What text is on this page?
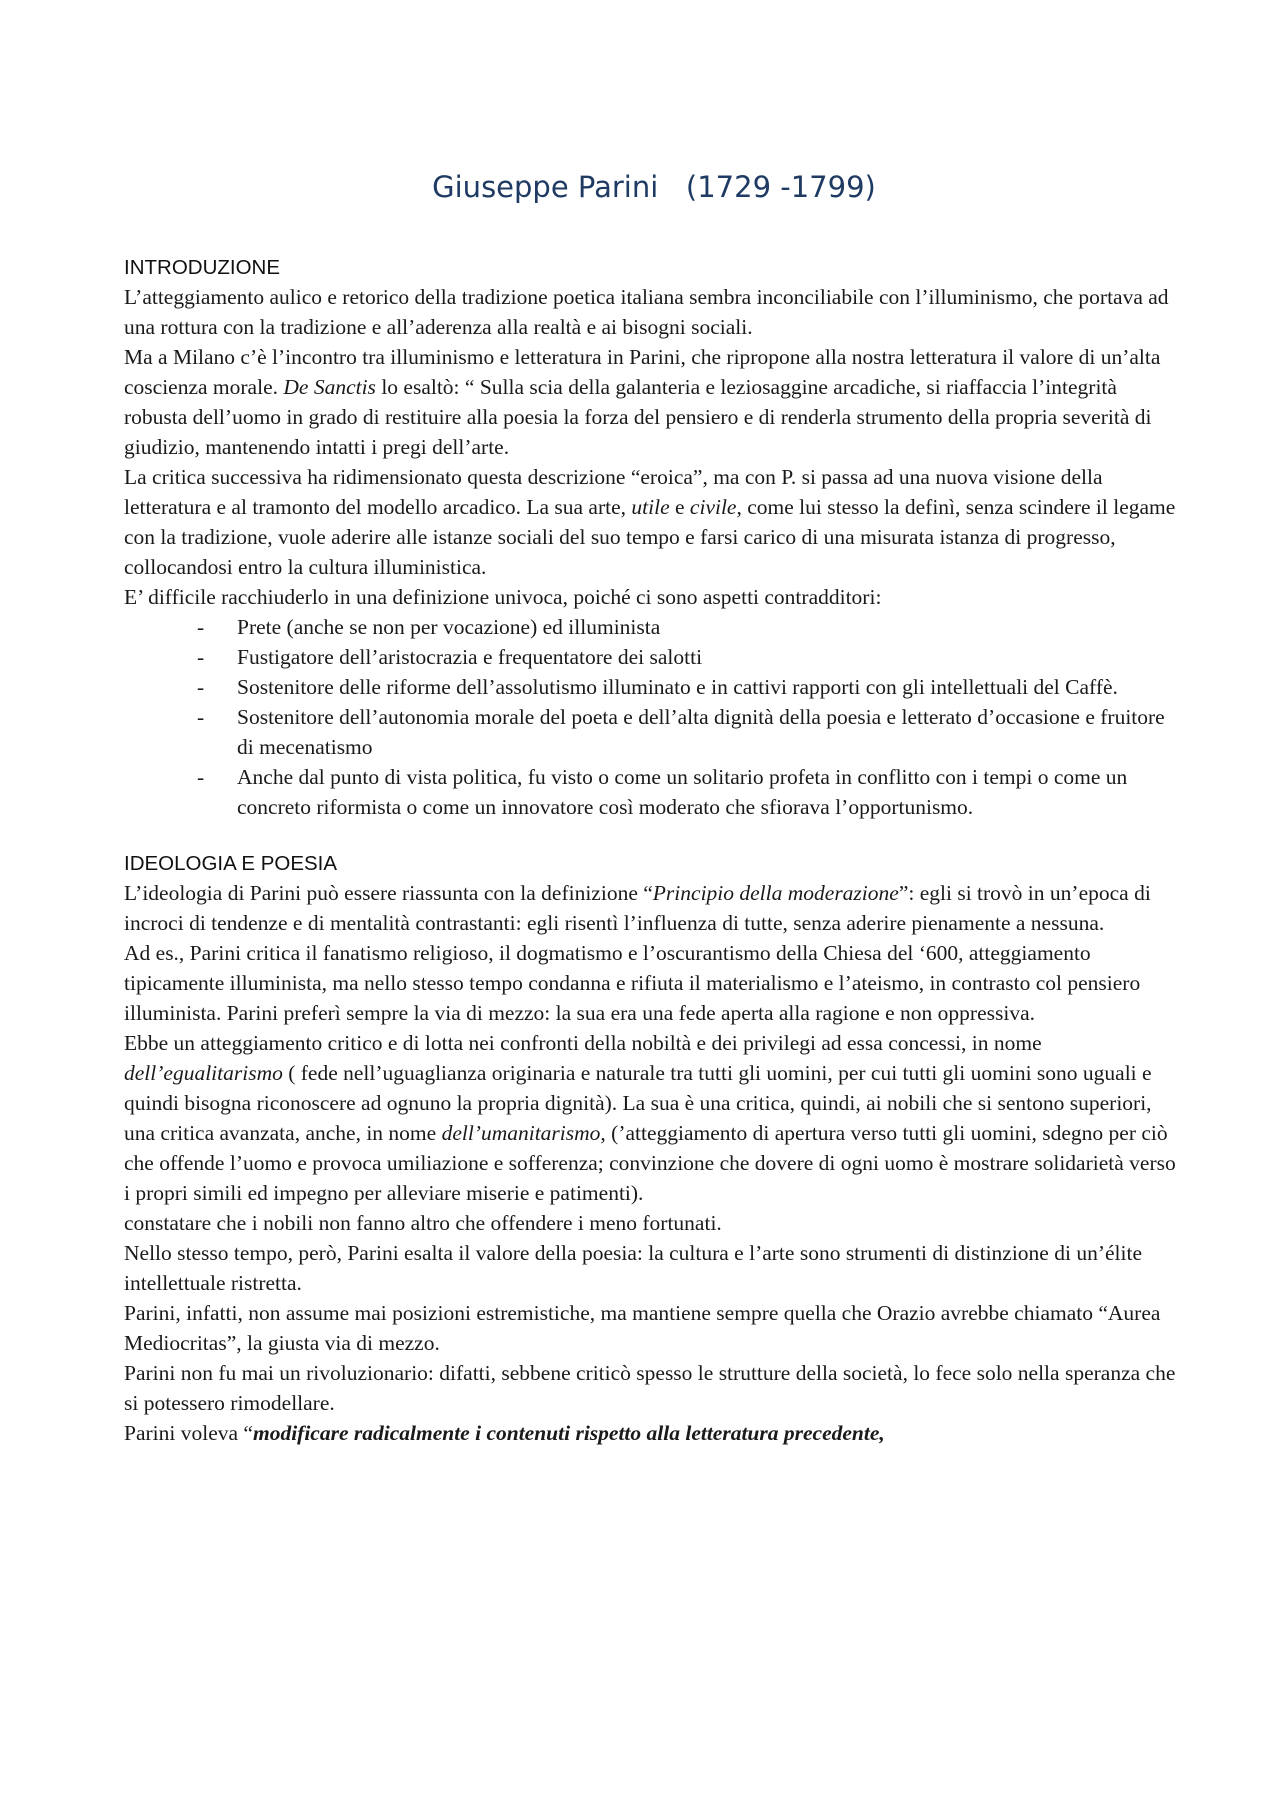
Giuseppe Parini   (1729 -1799)
INTRODUZIONE

L’atteggiamento aulico e retorico della tradizione poetica italiana sembra inconciliabile con l’illuminismo, che portava ad una rottura con la tradizione e all’aderenza alla realtà e ai bisogni sociali.

Ma a Milano c’è l’incontro tra illuminismo e letteratura in Parini, che ripropone alla nostra letteratura il valore di un’alta coscienza morale. De Sanctis lo esaltò: “ Sulla scia della galanteria e leziosaggine arcadiche, si riaffaccia l’integrità robusta dell’uomo in grado di restituire alla poesia la forza del pensiero e di renderla strumento della propria severità di giudizio, mantenendo intatti i pregi dell’arte.

La critica successiva ha ridimensionato questa descrizione “eroica”, ma con P. si passa ad una nuova visione della letteratura e al tramonto del modello arcadico. La sua arte, utile e civile, come lui stesso la definì, senza scindere il legame con la tradizione, vuole aderire alle istanze sociali del suo tempo e farsi carico di una misurata istanza di progresso, collocandosi entro la cultura illuministica.

E’ difficile racchiuderlo in una definizione univoca, poiché ci sono aspetti contradditori:

- Prete (anche se non per vocazione) ed illuminista
- Fustigatore dell’aristocrazia e frequentatore dei salotti
- Sostenitore delle riforme dell’assolutismo illuminato e in cattivi rapporti con gli intellettuali del Caffè.
- Sostenitore dell’autonomia morale del poeta e dell’alta dignità della poesia e letterato d’occasione e fruitore di mecenatismo
- Anche dal punto di vista politica, fu visto o come un solitario profeta in conflitto con i tempi o come un concreto riformista o come un innovatore così moderato che sfiorava l’opportunismo.
IDEOLOGIA E POESIA

L’ideologia di Parini può essere riassunta con la definizione “Principio della moderazione”: egli si trovò in un’epoca di incroci di tendenze e di mentalità contrastanti: egli risentì l’influenza di tutte, senza aderire pienamente a nessuna.

Ad es., Parini critica il fanatismo religioso, il dogmatismo e l’oscurantismo della Chiesa del ‘600, atteggiamento tipicamente illuminista, ma nello stesso tempo condanna e rifiuta il materialismo e l’ateismo, in contrasto col pensiero illuminista. Parini preferì sempre la via di mezzo: la sua era una fede aperta alla ragione e non oppressiva.

Ebbe un atteggiamento critico e di lotta nei confronti della nobiltà e dei privilegi ad essa concessi, in nome dell’egualitarismo ( fede nell’uguaglianza originaria e naturale tra tutti gli uomini, per cui tutti gli uomini sono uguali e quindi bisogna riconoscere ad ognuno la propria dignità). La sua è una critica, quindi, ai nobili che si sentono superiori, una critica avanzata, anche, in nome dell’umanitarismo, (’atteggiamento di apertura verso tutti gli uomini, sdegno per ciò che offende l’uomo e provoca umiliazione e sofferenza; convinzione che dovere di ogni uomo è mostrare solidarietà verso i propri simili ed impegno per alleviare miserie e patimenti).

constatare che i nobili non fanno altro che offendere i meno fortunati.

Nello stesso tempo, però, Parini esalta il valore della poesia: la cultura e l’arte sono strumenti di distinzione di un’élite intellettuale ristretta.

Parini, infatti, non assume mai posizioni estremistiche, ma mantiene sempre quella che Orazio avrebbe chiamato “Aurea Mediocritas”, la giusta via di mezzo.

Parini non fu mai un rivoluzionario: difatti, sebbene criticò spesso le strutture della società, lo fece solo nella speranza che si potessero rimodellare.

Parini voleva “modificare radicalmente i contenuti rispetto alla letteratura precedente,
